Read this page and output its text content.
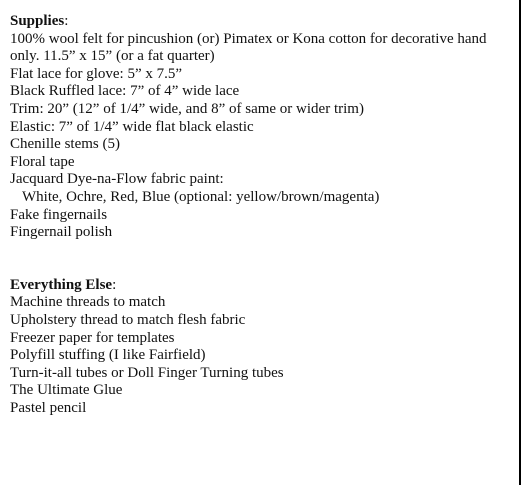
Supplies:

100% wool felt for pincushion (or) Pimatex or Kona cotton for decorative hand only. 11.5” x 15” (or a fat quarter)

Flat lace for glove: 5” x 7.5”

Black Ruffled lace: 7” of 4” wide lace

Trim: 20” (12” of 1/4” wide, and 8” of same or wider trim)

Elastic: 7” of 1/4” wide flat black elastic

Chenille stems (5)

Floral tape

Jacquard Dye-na-Flow fabric paint:

White, Ochre, Red, Blue (optional: yellow/brown/magenta)

Fake fingernails

Fingernail polish

Everything Else:

Machine threads to match

Upholstery thread to match flesh fabric

Freezer paper for templates

Polyfill stuffing (I like Fairfield)

Turn-it-all tubes or Doll Finger Turning tubes

The Ultimate Glue

Pastel pencil
